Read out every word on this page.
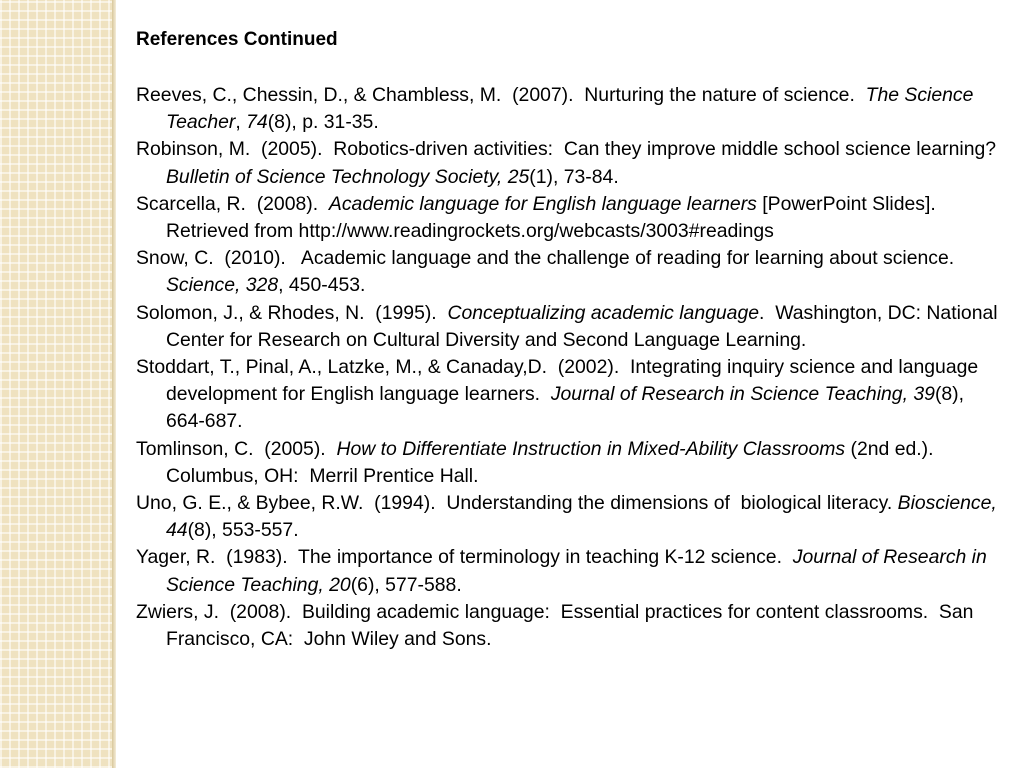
References Continued

Reeves, C., Chessin, D., & Chambless, M.  (2007).  Nurturing the nature of science.  The Science Teacher, 74(8), p. 31-35.

Robinson, M.  (2005).  Robotics-driven activities:  Can they improve middle school science learning?  Bulletin of Science Technology Society, 25(1), 73-84.

Scarcella, R.  (2008).  Academic language for English language learners [PowerPoint Slides].  Retrieved from http://www.readingrockets.org/webcasts/3003#readings

Snow, C.  (2010).   Academic language and the challenge of reading for learning about science.  Science, 328, 450-453.

Solomon, J., & Rhodes, N.  (1995).  Conceptualizing academic language.  Washington, DC: National Center for Research on Cultural Diversity and Second Language Learning.

Stoddart, T., Pinal, A., Latzke, M., & Canaday,D.  (2002).  Integrating inquiry science and language development for English language learners.  Journal of Research in Science Teaching, 39(8), 664-687.

Tomlinson, C.  (2005).  How to Differentiate Instruction in Mixed-Ability Classrooms (2nd ed.).  Columbus, OH:  Merril Prentice Hall.

Uno, G. E., & Bybee, R.W.  (1994).  Understanding the dimensions of  biological literacy. Bioscience, 44(8), 553-557.

Yager, R.  (1983).  The importance of terminology in teaching K-12 science.  Journal of Research in Science Teaching, 20(6), 577-588.

Zwiers, J.  (2008).  Building academic language:  Essential practices for content classrooms.  San Francisco, CA:  John Wiley and Sons.
